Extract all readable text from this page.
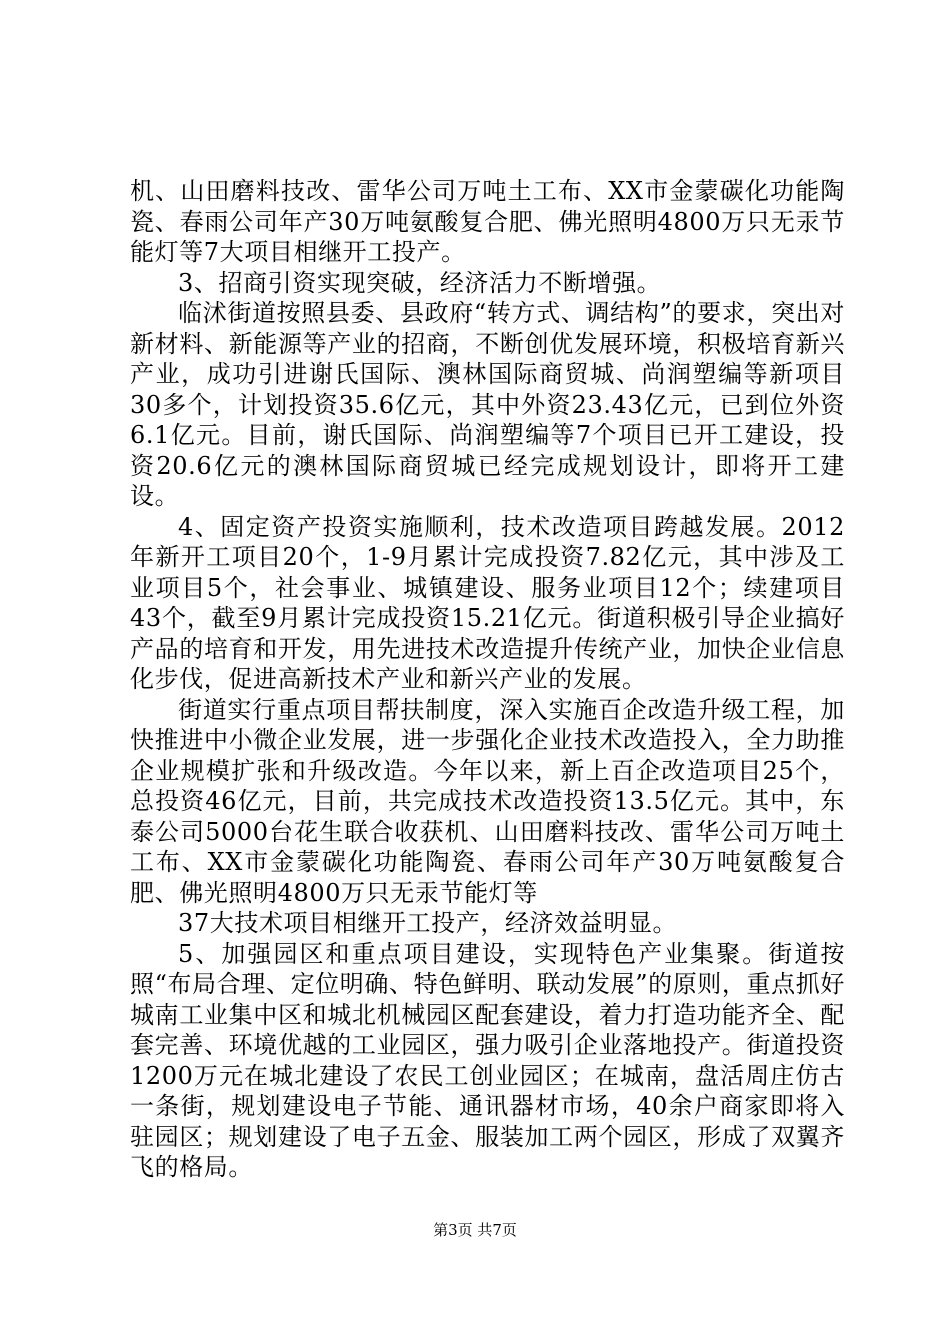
机、山田磨料技改、雷华公司万吨土工布、XX市金蒙碳化功能陶瓷、春雨公司年产30万吨氨酸复合肥、佛光照明4800万只无汞节能灯等7大项目相继开工投产。

3、招商引资实现突破，经济活力不断增强。

临沭街道按照县委、县政府“转方式、调结构”的要求，突出对新材料、新能源等产业的招商，不断创优发展环境，积极培育新兴产业，成功引进谢氏国际、澳林国际商贸城、尚润塑编等新项目30多个，计划投资35.6亿元，其中外资23.43亿元，已到位外资6.1亿元。目前，谢氏国际、尚润塑编等7个项目已开工建设，投资20.6亿元的澳林国际商贸城已经完成规划设计，即将开工建设。

4、固定资产投资实施顺利，技术改造项目跨越发展。2012年新开工项目20个，1-9月累计完成投资7.82亿元，其中涉及工业项目5个，社会事业、城镇建设、服务业项目12个；续建项目43个，截至9月累计完成投资15.21亿元。街道积极引导企业搞好产品的培育和开发，用先进技术改造提升传统产业，加快企业信息化步伐，促进高新技术产业和新兴产业的发展。

街道实行重点项目帮扶制度，深入实施百企改造升级工程，加快推进中小微企业发展，进一步强化企业技术改造投入，全力助推企业规模扩张和升级改造。今年以来，新上百企改造项目25个，总投资46亿元，目前，共完成技术改造投资13.5亿元。其中，东泰公司5000台花生联合收获机、山田磨料技改、雷华公司万吨土工布、XX市金蒙碳化功能陶瓷、春雨公司年产30万吨氨酸复合肥、佛光照明4800万只无汞节能灯等

37大技术项目相继开工投产，经济效益明显。

5、加强园区和重点项目建设，实现特色产业集聚。街道按照“布局合理、定位明确、特色鲜明、联动发展”的原则，重点抓好城南工业集中区和城北机械园区配套建设，着力打造功能齐全、配套完善、环境优越的工业园区，强力吸引企业落地投产。街道投资1200万元在城北建设了农民工创业园区；在城南，盘活周庄仿古一条街，规划建设电子节能、通讯器材市场，40余户商家即将入驻园区；规划建设了电子五金、服装加工两个园区，形成了双翼齐飞的格局。

第3页 共7页
